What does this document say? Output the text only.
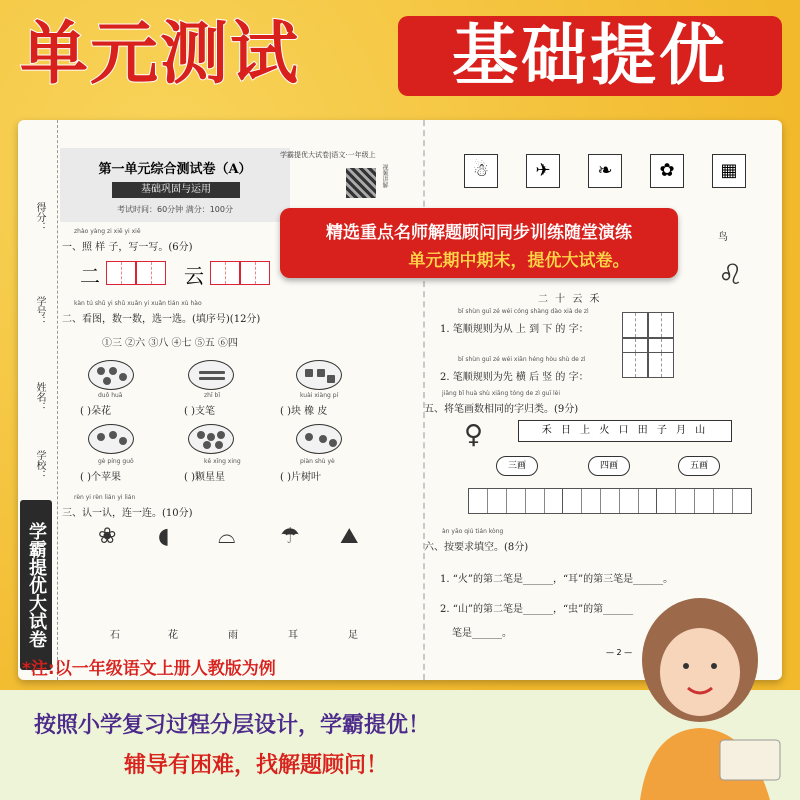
单元测试	基础提优
得分：
学号：
姓名：
学校：
学霸提优大试卷
第一单元综合测试卷（A）
基础巩固与运用
考试时间：60分钟 满分：100分
学霸提优大试卷|语文·一年级上
视频讲解
zhào yàng zi xiě yi xiě
一、照 样 子，写一写。(6分)
二	云
kàn tú shǔ yi shǔ xuǎn yi xuǎn tián xù hào
二、看图，数一数，选一选。(填序号)(12分)
①三 ②六 ③八 ④七 ⑤五 ⑥四
duǒ huā	zhī bǐ	kuài xiàng pí
( )朵花	( )支笔	( )块 橡 皮
gè píng guǒ	kē xīng xing	piàn shù yè
( )个苹果	( )颗星星	( )片树叶
rèn yi rèn lián yi lián
三、认一认，连一连。(10分)
❀ ◖ ⌓ ☂ ⛰
石	花	雨	耳	足
☃	✈	❧	✿	▦
鸟
♌
二 十 云 禾
bǐ shùn guī zé wéi cóng shàng dào xià de zì
1. 笔顺规则为从 上 到 下 的 字：
bǐ shùn guī zé wéi xiān héng hòu shù de zì
2. 笔顺规则为先 横 后 竖 的 字：
jiāng bǐ huà shù xiāng tóng de zì guī lèi
五、将笔画数相同的字归类。(9分)
♀	禾 日 上 火 口 田 子 月 山
三画	四画	五画
àn yāo qiú tián kòng
六、按要求填空。(8分)
1. “火”的第二笔是______，“耳”的第三笔是______。
2. “山”的第二笔是______，“虫”的第______
笔是______。
— 2 —
精选重点名师解题顾问同步训练随堂演练
单元期中期末，提优大试卷。
*注:以一年级语文上册人教版为例
按照小学复习过程分层设计，学霸提优！
辅导有困难，找解题顾问！
